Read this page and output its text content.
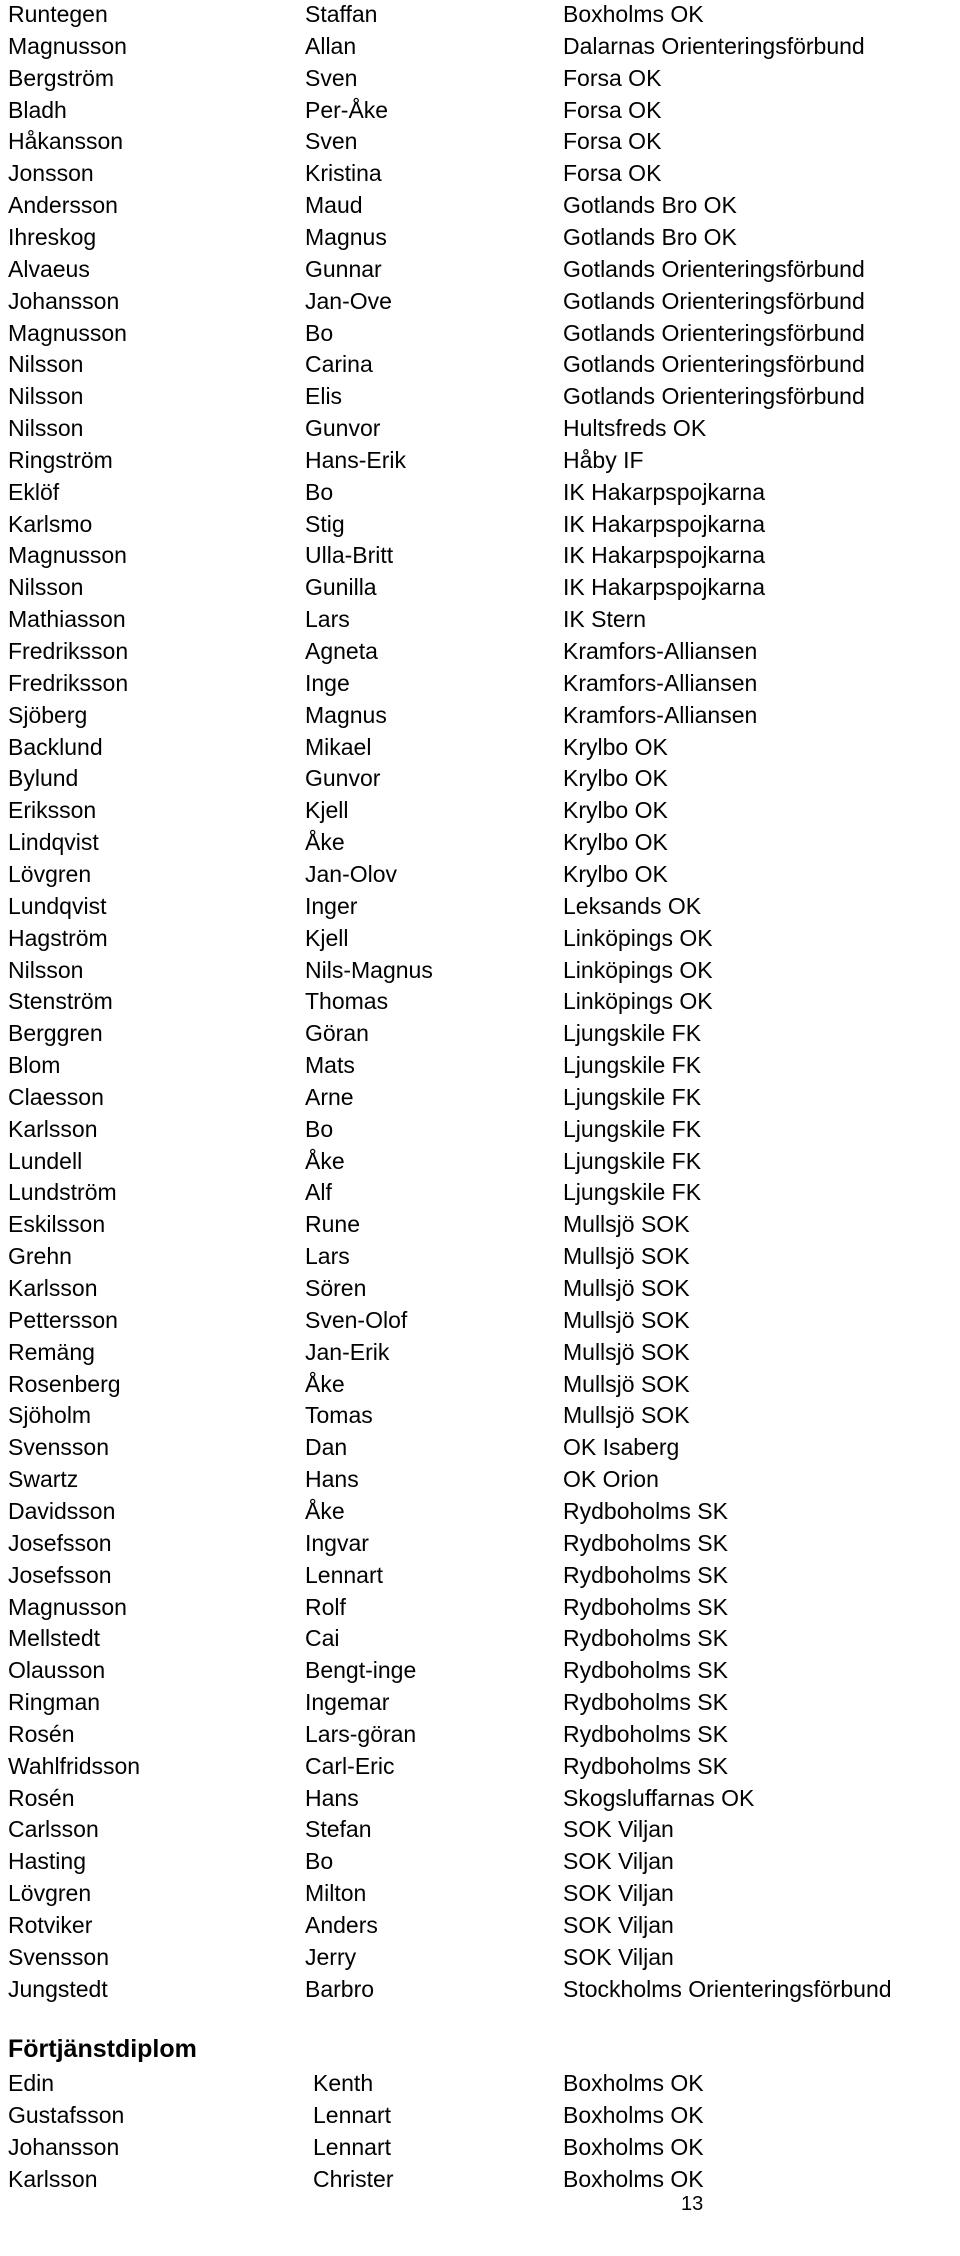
Runtegen	Staffan	Boxholms OK
Magnusson	Allan	Dalarnas Orienteringsförbund
Bergström	Sven	Forsa OK
Bladh	Per-Åke	Forsa OK
Håkansson	Sven	Forsa OK
Jonsson	Kristina	Forsa OK
Andersson	Maud	Gotlands Bro OK
Ihreskog	Magnus	Gotlands Bro OK
Alvaeus	Gunnar	Gotlands Orienteringsförbund
Johansson	Jan-Ove	Gotlands Orienteringsförbund
Magnusson	Bo	Gotlands Orienteringsförbund
Nilsson	Carina	Gotlands Orienteringsförbund
Nilsson	Elis	Gotlands Orienteringsförbund
Nilsson	Gunvor	Hultsfreds OK
Ringström	Hans-Erik	Håby IF
Eklöf	Bo	IK Hakarpspojkarna
Karlsmo	Stig	IK Hakarpspojkarna
Magnusson	Ulla-Britt	IK Hakarpspojkarna
Nilsson	Gunilla	IK Hakarpspojkarna
Mathiasson	Lars	IK Stern
Fredriksson	Agneta	Kramfors-Alliansen
Fredriksson	Inge	Kramfors-Alliansen
Sjöberg	Magnus	Kramfors-Alliansen
Backlund	Mikael	Krylbo OK
Bylund	Gunvor	Krylbo OK
Eriksson	Kjell	Krylbo OK
Lindqvist	Åke	Krylbo OK
Lövgren	Jan-Olov	Krylbo OK
Lundqvist	Inger	Leksands OK
Hagström	Kjell	Linköpings OK
Nilsson	Nils-Magnus	Linköpings OK
Stenström	Thomas	Linköpings OK
Berggren	Göran	Ljungskile FK
Blom	Mats	Ljungskile FK
Claesson	Arne	Ljungskile FK
Karlsson	Bo	Ljungskile FK
Lundell	Åke	Ljungskile FK
Lundström	Alf	Ljungskile FK
Eskilsson	Rune	Mullsjö SOK
Grehn	Lars	Mullsjö SOK
Karlsson	Sören	Mullsjö SOK
Pettersson	Sven-Olof	Mullsjö SOK
Remäng	Jan-Erik	Mullsjö SOK
Rosenberg	Åke	Mullsjö SOK
Sjöholm	Tomas	Mullsjö SOK
Svensson	Dan	OK Isaberg
Swartz	Hans	OK Orion
Davidsson	Åke	Rydboholms SK
Josefsson	Ingvar	Rydboholms SK
Josefsson	Lennart	Rydboholms SK
Magnusson	Rolf	Rydboholms SK
Mellstedt	Cai	Rydboholms SK
Olausson	Bengt-inge	Rydboholms SK
Ringman	Ingemar	Rydboholms SK
Rosén	Lars-göran	Rydboholms SK
Wahlfridsson	Carl-Eric	Rydboholms SK
Rosén	Hans	Skogsluffarnas OK
Carlsson	Stefan	SOK Viljan
Hasting	Bo	SOK Viljan
Lövgren	Milton	SOK Viljan
Rotviker	Anders	SOK Viljan
Svensson	Jerry	SOK Viljan
Jungstedt	Barbro	Stockholms Orienteringsförbund
Förtjänstdiplom
Edin	Kenth	Boxholms OK
Gustafsson	Lennart	Boxholms OK
Johansson	Lennart	Boxholms OK
Karlsson	Christer	Boxholms OK
13
